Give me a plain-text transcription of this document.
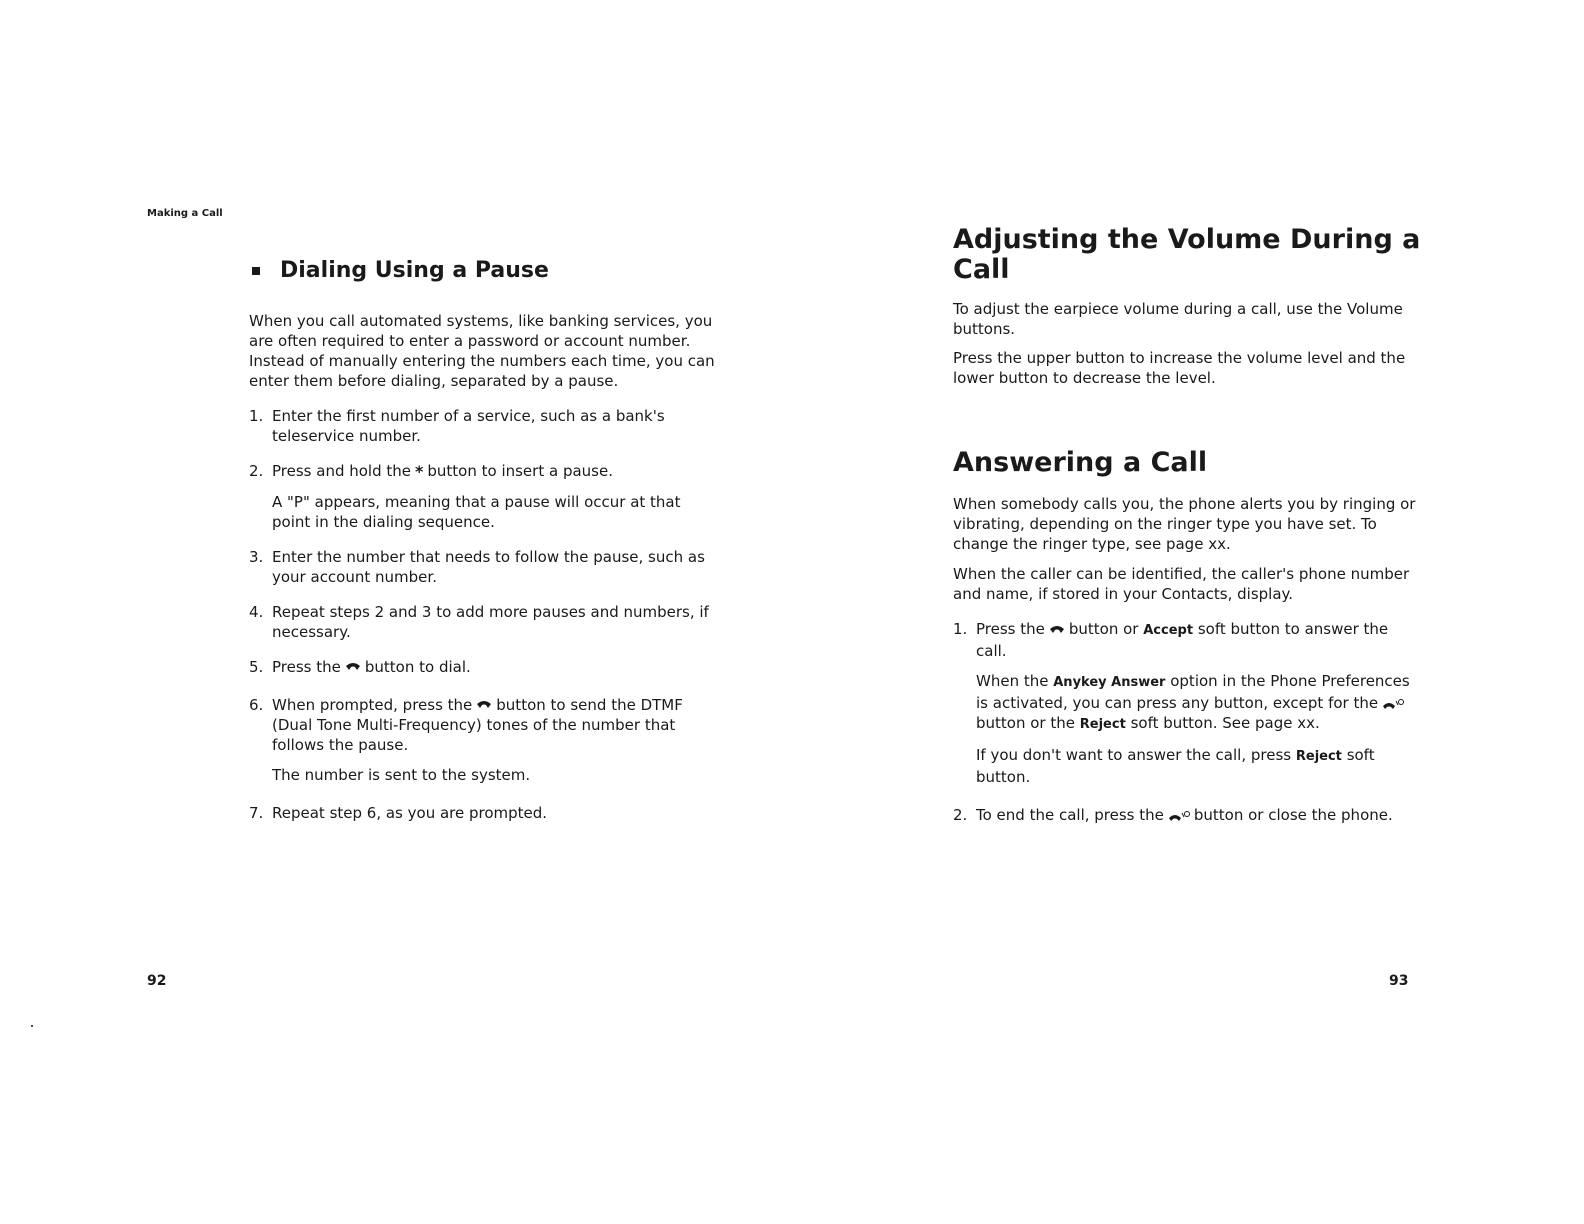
Making a Call
Dialing Using a Pause

When you call automated systems, like banking services, you are often required to enter a password or account number. Instead of manually entering the numbers each time, you can enter them before dialing, separated by a pause.

1. Enter the first number of a service, such as a bank's teleservice number.

2. Press and hold the * button to insert a pause.

A "P" appears, meaning that a pause will occur at that point in the dialing sequence.

3. Enter the number that needs to follow the pause, such as your account number.

4. Repeat steps 2 and 3 to add more pauses and numbers, if necessary.

5. Press the button to dial.

6. When prompted, press the button to send the DTMF (Dual Tone Multi-Frequency) tones of the number that follows the pause.

The number is sent to the system.

7. Repeat step 6, as you are prompted.

Adjusting the Volume During a Call

To adjust the earpiece volume during a call, use the Volume buttons.

Press the upper button to increase the volume level and the lower button to decrease the level.

Answering a Call

When somebody calls you, the phone alerts you by ringing or vibrating, depending on the ringer type you have set. To change the ringer type, see page xx.

When the caller can be identified, the caller's phone number and name, if stored in your Contacts, display.

1. Press the button or Accept soft button to answer the call.

When the Anykey Answer option in the Phone Preferences is activated, you can press any button, except for thebutton or the Reject soft button. See page xx.

If you don't want to answer the call, press Reject soft button.

2. To end the call, press the button or close the phone.

92	93
